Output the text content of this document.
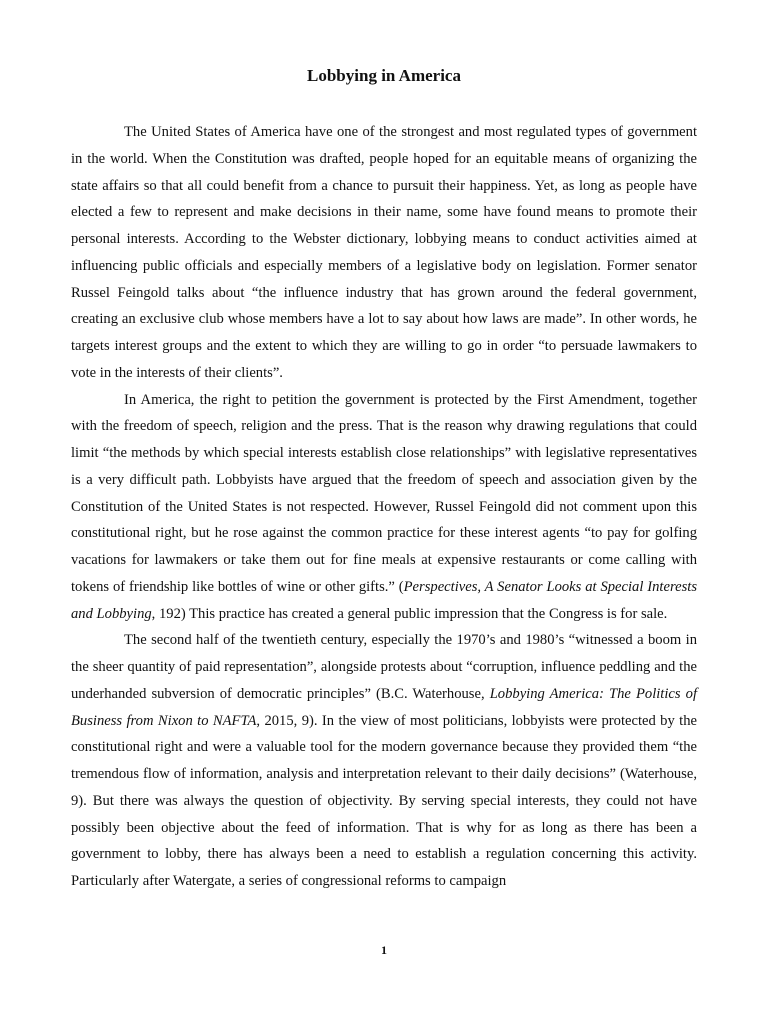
Lobbying in America

The United States of America have one of the strongest and most regulated types of government in the world. When the Constitution was drafted, people hoped for an equitable means of organizing the state affairs so that all could benefit from a chance to pursuit their happiness. Yet, as long as people have elected a few to represent and make decisions in their name, some have found means to promote their personal interests. According to the Webster dictionary, lobbying means to conduct activities aimed at influencing public officials and especially members of a legislative body on legislation. Former senator Russel Feingold talks about “the influence industry that has grown around the federal government, creating an exclusive club whose members have a lot to say about how laws are made”. In other words, he targets interest groups and the extent to which they are willing to go in order “to persuade lawmakers to vote in the interests of their clients”.

In America, the right to petition the government is protected by the First Amendment, together with the freedom of speech, religion and the press. That is the reason why drawing regulations that could limit “the methods by which special interests establish close relationships” with legislative representatives is a very difficult path. Lobbyists have argued that the freedom of speech and association given by the Constitution of the United States is not respected. However, Russel Feingold did not comment upon this constitutional right, but he rose against the common practice for these interest agents “to pay for golfing vacations for lawmakers or take them out for fine meals at expensive restaurants or come calling with tokens of friendship like bottles of wine or other gifts.” (Perspectives, A Senator Looks at Special Interests and Lobbying, 192) This practice has created a general public impression that the Congress is for sale.

The second half of the twentieth century, especially the 1970’s and 1980’s “witnessed a boom in the sheer quantity of paid representation”, alongside protests about “corruption, influence peddling and the underhanded subversion of democratic principles” (B.C. Waterhouse, Lobbying America: The Politics of Business from Nixon to NAFTA, 2015, 9). In the view of most politicians, lobbyists were protected by the constitutional right and were a valuable tool for the modern governance because they provided them “the tremendous flow of information, analysis and interpretation relevant to their daily decisions” (Waterhouse, 9). But there was always the question of objectivity. By serving special interests, they could not have possibly been objective about the feed of information. That is why for as long as there has been a government to lobby, there has always been a need to establish a regulation concerning this activity. Particularly after Watergate, a series of congressional reforms to campaign

1
